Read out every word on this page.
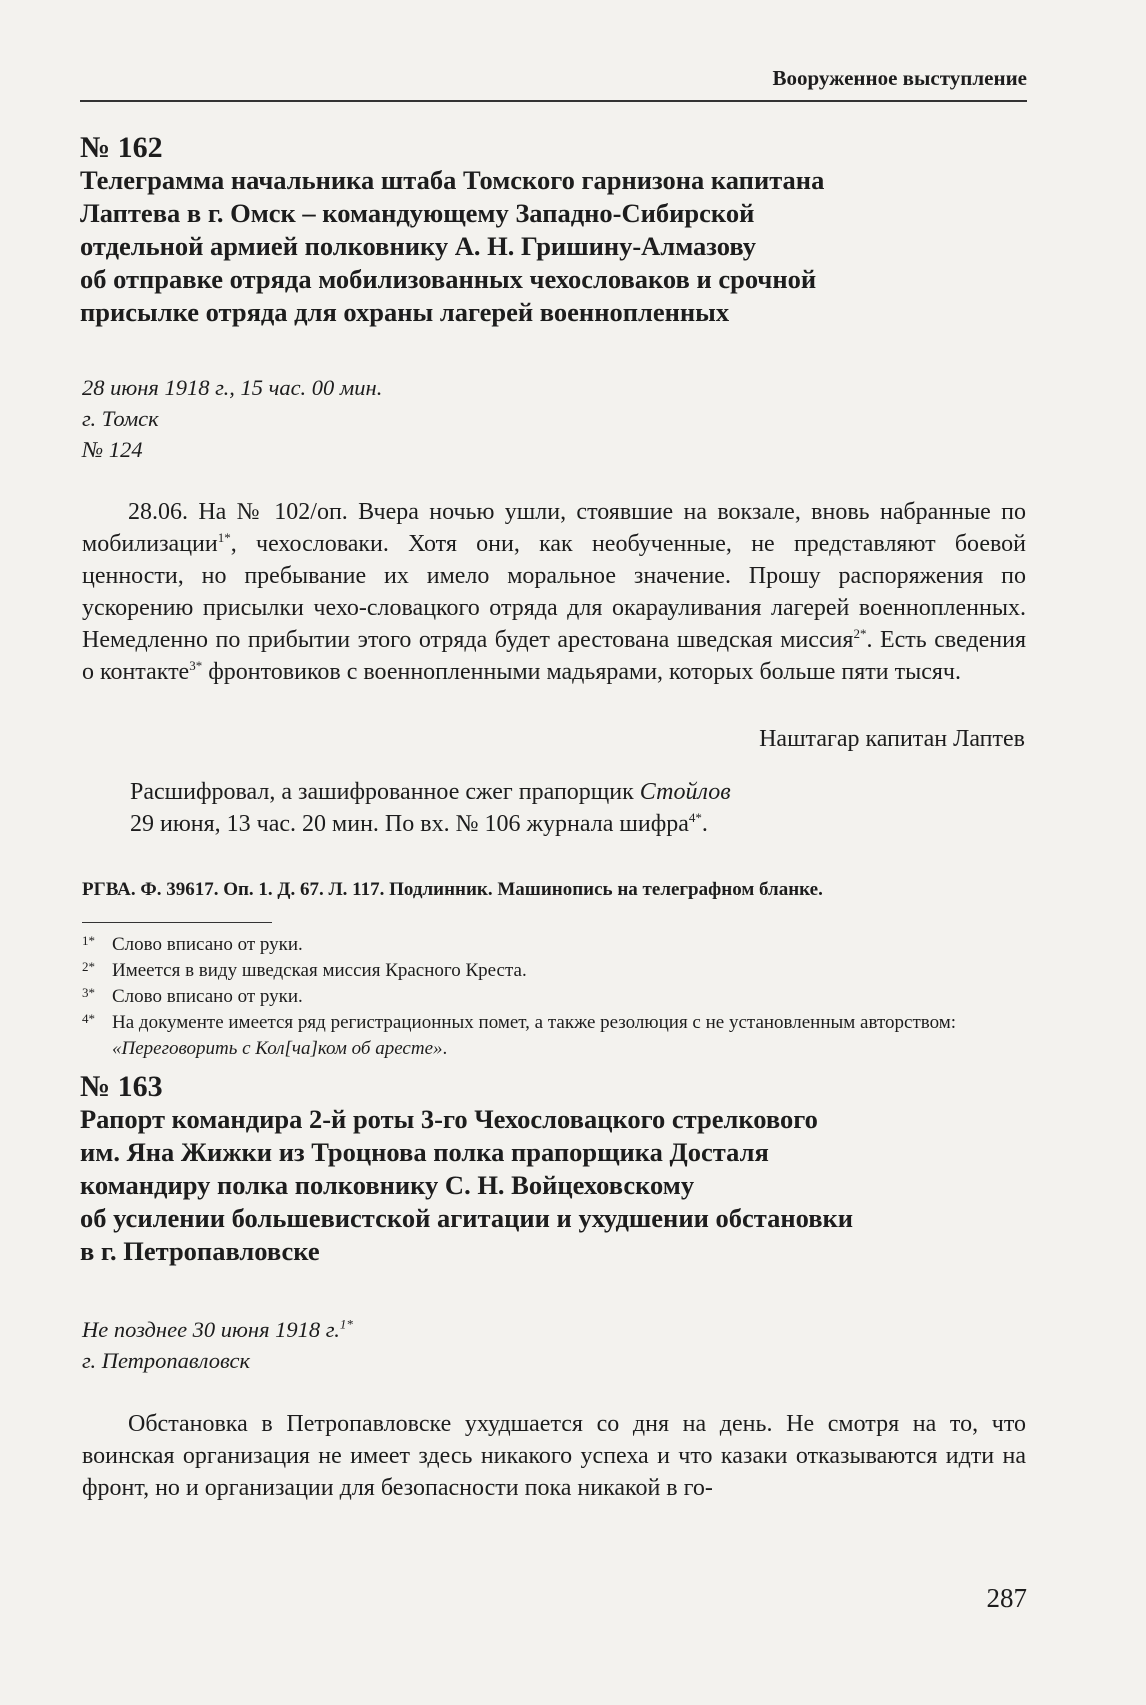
Вооруженное выступление
№ 162
Телеграмма начальника штаба Томского гарнизона капитана
Лаптева в г. Омск – командующему Западно-Сибирской
отдельной армией полковнику А. Н. Гришину-Алмазову
об отправке отряда мобилизованных чехословаков и срочной
присылке отряда для охраны лагерей военнопленных
28 июня 1918 г., 15 час. 00 мин.
г. Томск
№ 124

28.06. На № 102/оп. Вчера ночью ушли, стоявшие на вокзале, вновь набранные по мобилизации$^{1*}$, чехословаки. Хотя они, как необученные, не представляют боевой ценности, но пребывание их имело моральное значение. Прошу распоряжения по ускорению присылки чехо-словацкого отряда для окарауливания лагерей военнопленных. Немедленно по прибытии этого отряда будет арестована шведская миссия$^{2*}$. Есть сведения о контакте$^{3*}$ фронтовиков с военнопленными мадьярами, которых больше пяти тысяч.

Наштагар капитан Лаптев
Расшифровал, а зашифрованное сжег прапорщик Стойлов
29 июня, 13 час. 20 мин. По вх. № 106 журнала шифра$^{4*}$.
РГВА. Ф. 39617. Оп. 1. Д. 67. Л. 117. Подлинник. Машинопись на телеграфном бланке.
1* Слово вписано от руки.
2* Имеется в виду шведская миссия Красного Креста.
3* Слово вписано от руки.
4* На документе имеется ряд регистрационных помет, а также резолюция с не установленным авторством: «Переговорить с Кол[ча]ком об аресте».
№ 163
Рапорт командира 2-й роты 3-го Чехословацкого стрелкового
им. Яна Жижки из Троцнова полка прапорщика Досталя
командиру полка полковнику С. Н. Войцеховскому
об усилении большевистской агитации и ухудшении обстановки
в г. Петропавловске
Не позднее 30 июня 1918 г.$^{1*}$
г. Петропавловск

Обстановка в Петропавловске ухудшается со дня на день. Не смотря на то, что воинская организация не имеет здесь никакого успеха и что казаки отказываются идти на фронт, но и организации для безопасности пока никакой в го-

287
